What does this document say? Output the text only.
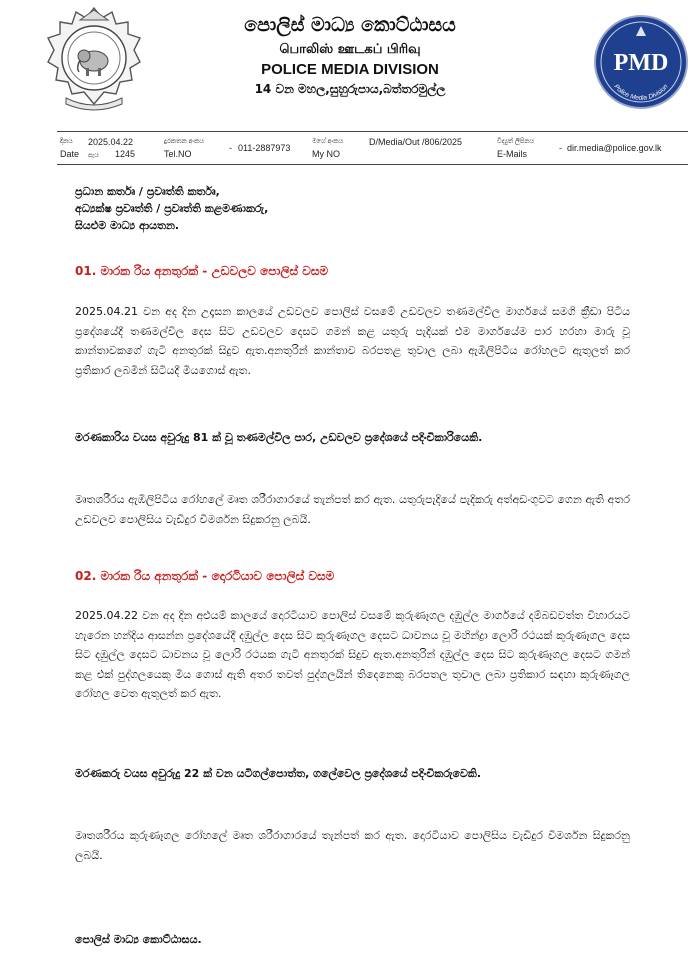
පොලිස් මාධ්‍ය කොට්ඨාසය
பொலிஸ் ஊடகப் பிரிவு
POLICE MEDIA DIVISION
14 වන මහල,සුහුරුපාය,බත්තරමුල්ල
PMD
Police Media Division
දිනය
Date
2025.04.22
පැය 1245
දුරකතන අංකය
Tel.NO
- 011-2887973
මගේ අංකය
My NO
D/Media/Out /806/2025	විද්‍යුත් ලිපිනය
E-Mails
- dir.media@police.gov.lk
ප්‍රධාන කර්තෘ / ප්‍රවෘත්ති කර්තෘ,
අධ්‍යක්ෂ ප්‍රවෘත්ති / ප්‍රවෘත්ති කළමණාකරු,
සියළුම මාධ්‍ය ආයතන.
01. මාරක රිය අනතුරක් - උඩවලව පොලිස් වසම

2025.04.21 වන අද දින උදෑසන කාලයේ උඩවලව පොලිස් වසමේ උඩවලව තණමල්විල මාර්ගයේ සමගි ක්‍රීඩා පිටිය ප්‍රදේශයේදී තණමල්විල දෙස සිට උඩවලව දෙසට ගමන් කළ යතුරු පැදියක් එම මාර්ගයේම පාර හරහා මාරු වූ කාන්තාවකගේ ගැටී අනතුරක් සිදුව ඇත.අනතුරින් කාන්තාව බරපතළ තුවාල ලබා ඇඹිලිපිටිය රෝහලට ඇතුලත් කර ප්‍රතිකාර ලබමින් සිටියදී මියගොස් ඇත.

මරණකාරිය වයස අවුරුදු 81 ක් වූ තණමල්විල පාර, උඩවලව ප්‍රදේශයේ පදිංචිකාරියෙකි.

මෘතශරීරය ඇඹිලිපිටිය රෝහලේ මෘත ශරීරාගාරයේ තැන්පත් කර ඇත. යතුරුපැදියේ පැදිකරු අත්අඩංගුවට ගෙන ඇති අතර උඩවලව පොලිසිය වැඩිදුර විමර්ශන සිදුකරනු ලබයි.

02. මාරක රිය අනතුරක් - දොරටියාව පොලිස් වසම

2025.04.22 වන අද දින අළුයම් කාලයේ දොරටියාව පොලිස් වසමේ කුරුණෑගල දඹුල්ල මාර්ගයේ දම්බඩවත්ත විහාරයට හැරෙන හන්දිය ආසන්න ප්‍රදේශයේදී දඹුල්ල දෙස සිට කුරුණෑගල දෙසට ධාවනය වූ මහින්ද්‍රා ලොරි රථයක් කුරුණෑගල දෙස සිට දඹුල්ල දෙසට ධාවනය වූ ලොරි රථයක ගැටී අනතුරක් සිදුව ඇත.අනතුරින් දඹුල්ල දෙස සිට කුරුණෑගල දෙසට ගමන් කළ එක් පුද්ගලයෙකු මිය ගොස් ඇති අතර තවත් පුද්ගලයින් තිදෙනෙකු බරපතල තුවාල ලබා ප්‍රතිකාර සඳහා කුරුණෑගල රෝහල වෙත ඇතුලත් කර ඇත.

මරණකරු වයස අවුරුදු 22 ක් වන යටිගල්පොත්ත, ගලේවෙල ප්‍රදේශයේ පදිංචිකරුවෙකි.

මෘතශරීරය කුරුණෑගල රෝහලේ මෘත ශරීරාගාරයේ තැන්පත් කර ඇත. දොරටියාව පොලිසිය වැඩිදුර විමර්ශන සිදුකරනු ලබයි.

පොලිස් මාධ්‍ය කොට්ඨාසය.
